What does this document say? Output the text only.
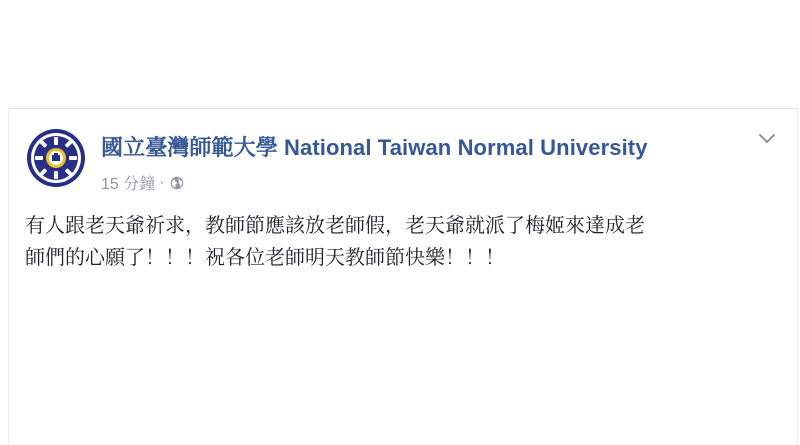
國立臺灣師範大學 National Taiwan Normal University
15 分鐘 ·

有人跟老天爺祈求，教師節應該放老師假，老天爺就派了梅姬來達成老

師們的心願了！！！祝各位老師明天教師節快樂！！！
